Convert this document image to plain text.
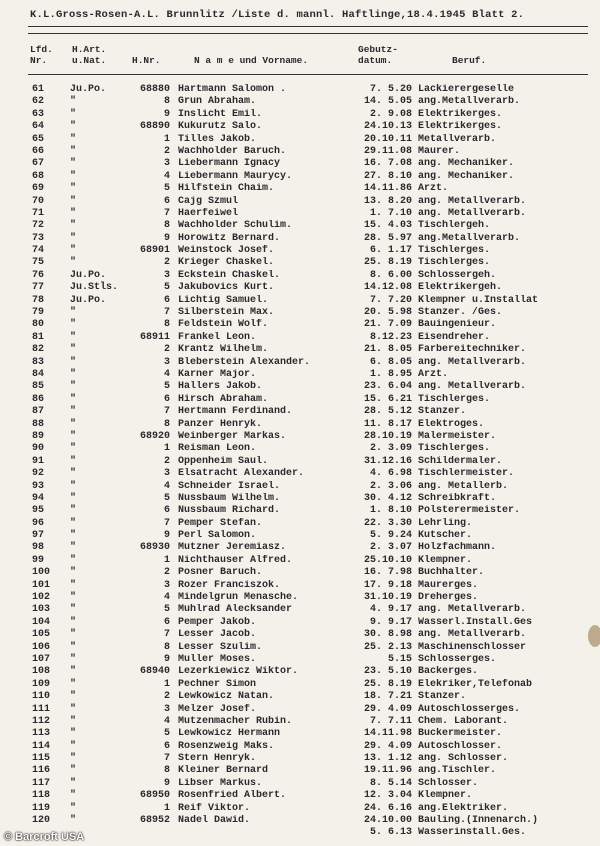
K.L.Gross-Rosen-A.L. Brunnlitz /Liste d. mannl. Haftlinge,18.4.1945 Blatt 2.
Lfd.
Nr.
H.Art.
u.Nat.	H.Nr.	N a m e und Vorname.
Gebutz-
datum.	Beruf.
61	Ju.Po.	68880 Hartmann Salomon .	7. 5.20 Lackierergeselle
62	"	8 Grun Abraham.	14. 5.05 ang.Metallverarb.
63	"	9 Inslicht Emil.	2. 9.08 Elektrikerges.
64	"	68890 Kukurutz Salo.	24.10.13 Elektrikerges.
65	"	1 Tilles Jakob.	20.10.11 Metallverarb.
66	"	2 Wachholder Baruch.	29.11.08 Maurer.
67	"	3 Liebermann Ignacy	16. 7.08 ang. Mechaniker.
68	"	4 Liebermann Maurycy.	27. 8.10 ang. Mechaniker.
69	"	5 Hilfstein Chaim.	14.11.86 Arzt.
70	"	6 Cajg Szmul	13. 8.20 ang. Metallverarb.
71	"	7 Haerfeiwel	1. 7.10 ang. Metallverarb.
72	"	8 Wachholder Schulim.	15. 4.03 Tischlergeh.
73	"	9 Horowitz Bernard.	28. 5.97 ang.Metallverarb.
74	"	68901 Weinstock Josef.	6. 1.17 Tischlerges.
75	"	2 Krieger Chaskel.	25. 8.19 Tischlerges.
76	Ju.Po.	3 Eckstein Chaskel.	8. 6.00 Schlossergeh.
77	Ju.Stls.	5 Jakubovics Kurt.	14.12.08 Elektrikergeh.
78	Ju.Po.	6 Lichtig Samuel.	7. 7.20 Klempner u.Installat
79	"	7 Silberstein Max.	20. 5.98 Stanzer. /Ges.
80	"	8 Feldstein Wolf.	21. 7.09 Bauingenieur.
81	"	68911 Frankel Leon.	8.12.23 Eisendreher.
82	"	2 Krantz Wilhelm.	21. 8.05 Farbereitechniker.
83	"	3 Bleberstein Alexander.	6. 8.05 ang. Metallverarb.
84	"	4 Karner Major.	1. 8.95 Arzt.
85	"	5 Hallers Jakob.	23. 6.04 ang. Metallverarb.
86	"	6 Hirsch Abraham.	15. 6.21 Tischlerges.
87	"	7 Hertmann Ferdinand.	28. 5.12 Stanzer.
88	"	8 Panzer Henryk.	11. 8.17 Elektroges.
89	"	68920 Weinberger Markas.	28.10.19 Malermeister.
90	"	1 Reisman Leon.	2. 3.09 Tischlerges.
91	"	2 Oppenheim Saul.	31.12.16 Schildermaler.
92	"	3 Elsatracht Alexander.	4. 6.98 Tischlermeister.
93	"	4 Schneider Israel.	2. 3.06 ang. Metallerb.
94	"	5 Nussbaum Wilhelm.	30. 4.12 Schreibkraft.
95	"	6 Nussbaum Richard.	1. 8.10 Polsterermeister.
96	"	7 Pemper Stefan.	22. 3.30 Lehrling.
97	"	9 Perl Salomon.	5. 9.24 Kutscher.
98	"	68930 Mutzner Jeremiasz.	2. 3.07 Holzfachmann.
99	"	1 Nichthauser Alfred.	25.10.10 Klempner.
100	"	2 Posner Baruch.	16. 7.98 Buchhalter.
101	"	3 Rozer Franciszok.	17. 9.18 Maurerges.
102	"	4 Mindelgrun Menasche.	31.10.19 Dreherges.
103	"	5 Muhlrad Alecksander	4. 9.17 ang. Metallverarb.
104	"	6 Pemper Jakob.	9. 9.17 Wasserl.Install.Ges
105	"	7 Lesser Jacob.	30. 8.98 ang. Metallverarb.
106	"	8 Lesser Szulim.	25. 2.13 Maschinenschlosser
107	"	9 Muller Moses.	5.15 Schlosserges.
108	"	68940 Lezerkiewicz Wiktor.	23. 5.10 Backerges.
109	"	1 Pechner Simon	25. 8.19 Elekriker,Telefonab
110	"	2 Lewkowicz Natan.	18. 7.21 Stanzer.
111	"	3 Melzer Josef.	29. 4.09 Autoschlosserges.
112	"	4 Mutzenmacher Rubin.	7. 7.11 Chem. Laborant.
113	"	5 Lewkowicz Hermann	14.11.98 Buckermeister.
114	"	6 Rosenzweig Maks.	29. 4.09 Autoschlosser.
115	"	7 Stern Henryk.	13. 1.12 ang. Schlosser.
116	"	8 Kleiner Bernard	19.11.96 ang.Tischler.
117	"	9 Libser Markus.	8. 5.14 Schlosser.
118	"	68950 Rosenfried Albert.	12. 3.04 Klempner.
119	"	1 Reif Viktor.	24. 6.16 ang.Elektriker.
120	"	68952 Nadel Dawid.	24.10.00 Bauling.(Innenarch.)
5. 6.13 Wasserinstall.Ges.
© Barcroft USA
